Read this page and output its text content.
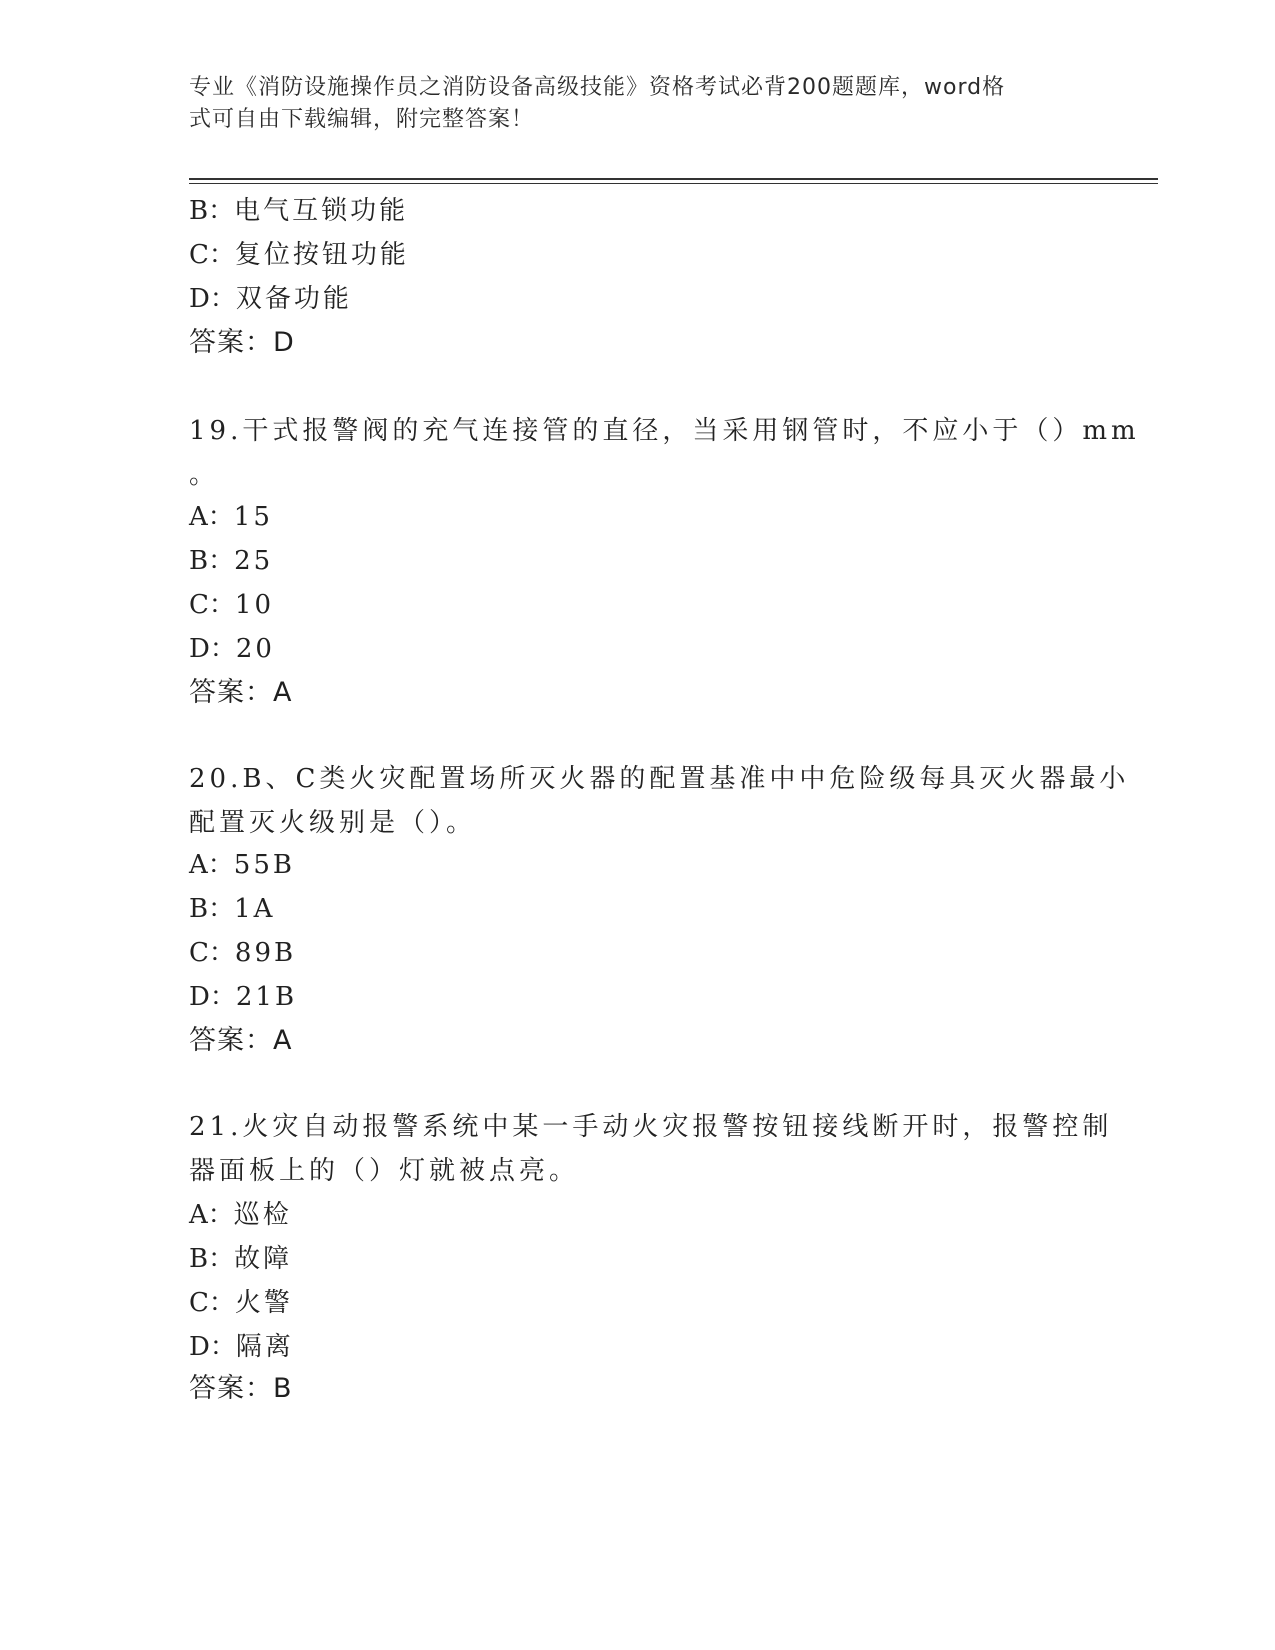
专业《消防设施操作员之消防设备高级技能》资格考试必背200题题库，word格
式可自由下载编辑，附完整答案！
B：电气互锁功能
C：复位按钮功能
D：双备功能
答案：D
19.干式报警阀的充气连接管的直径，当采用钢管时，不应小于（）mm
。
A：15
B：25
C：10
D：20
答案：A
20.B、C类火灾配置场所灭火器的配置基准中中危险级每具灭火器最小
配置灭火级别是（）。
A：55B
B：1A
C：89B
D：21B
答案：A
21.火灾自动报警系统中某一手动火灾报警按钮接线断开时，报警控制
器面板上的（）灯就被点亮。
A：巡检
B：故障
C：火警
D：隔离
答案：B
